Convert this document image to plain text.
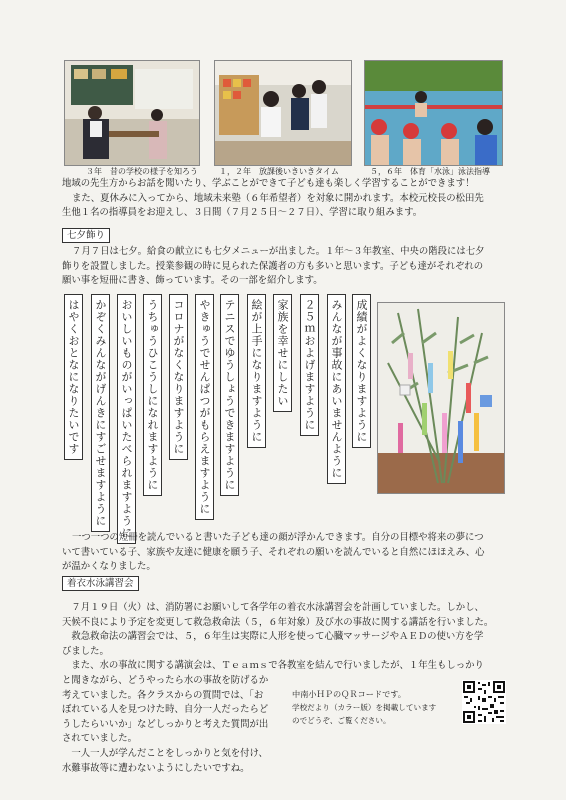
３年　昔の学校の様子を知ろう	１，２年　放課後いきいきタイム	５，６年　体育「水泳」泳法指導

地域の先生方からお話を聞いたり、学ぶことができて子ども達も楽しく学習することができます！

また、夏休みに入ってから、地域未来塾（６年希望者）を対象に開かれます。本校元校長の松田先

生他１名の指導員をお迎えし、３日間（７月２５日～２７日）、学習に取り組みます。

七夕飾り

７月７日は七夕。給食の献立にも七夕メニューが出ました。１年～３年教室、中央の階段には七夕

飾りを設置しました。授業参観の時に見られた保護者の方も多いと思います。子ども達がそれぞれの

願い事を短冊に書き、飾っています。その一部を紹介します。

成績がよくなりますように
みんなが事故にあいませんように
２５ｍおよげますように
家族を幸せにしたい
絵が上手になりますように
テニスでゆうしょうできますように
やきゅうでせんぱつがもらえますように
コロナがなくなりますように
うちゅうひこうしになれますように
おいしいものがいっぱいたべられますように
かぞくみんながげんきにすごせますように
はやくおとなになりたいです

一つ一つの短冊を読んでいると書いた子ども達の顔が浮かんできます。自分の目標や将来の夢につ

いて書いている子、家族や友達に健康を願う子、それぞれの願いを読んでいると自然にほほえみ、心

が温かくなりました。

着衣水泳講習会

　７月１９日（火）は、消防署にお願いして各学年の着衣水泳講習会を計画していました。しかし、

天候不良により予定を変更して救急救命法（５，６年対象）及び水の事故に関する講話を行いました。

　救急救命法の講習会では、５，６年生は実際に人形を使って心臓マッサージやＡＥＤの使い方を学

びました。

　また、水の事故に関する講演会は、Ｔｅａｍｓで各教室を結んで行いましたが、１年生もしっかり

と聞きながら、どうやったら水の事故を防げるか

考えていました。各クラスからの質問では、「お

ぼれている人を見つけた時、自分一人だったらど

うしたらいいか」などしっかりと考えた質問が出

されていました。

　一人一人が学んだことをしっかりと気を付け、

水難事故等に遭わないようにしたいですね。

中南小ＨＰのＱＲコードです。
学校だより（カラー版）を掲載しています
のでどうぞ、ご覧ください。
